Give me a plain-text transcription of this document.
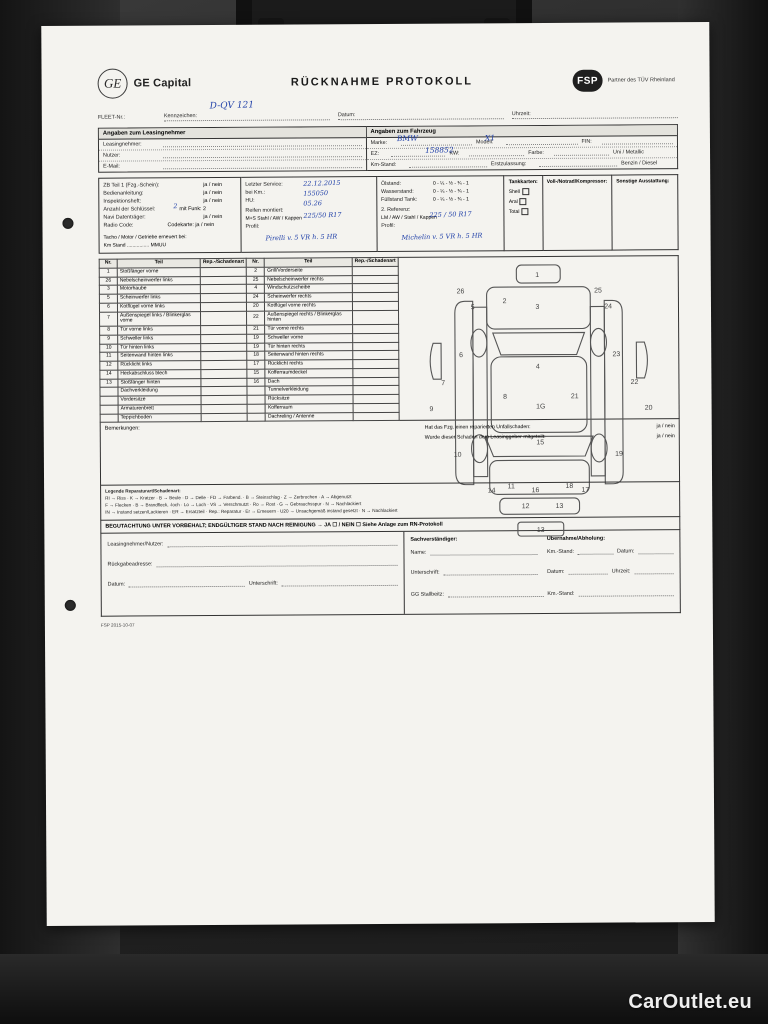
GE	GE Capital	RÜCKNAHME PROTOKOLL	FSP	Partner des TÜV Rheinland
FLEET-Nr.:	Kennzeichen:
D-QV 121
Datum:	Uhrzeit:
Angaben zum Leasingnehmer
Leasingnehmer:
Nutzer:
E-Mail:
Angaben zum Fahrzeug
Marke:	Modell:	FIN:
BMW	X1
EZ:	KW:	Farbe:	Uni / Metallic
158852
Km-Stand:	Erstzulassung:	Benzin / Diesel
ZB Teil 1 (Fzg.-Schein):	ja / nein
Bedienanleitung:	ja / nein
Inspektionsheft:	ja / nein
Anzahl der Schlüssel:	mit Funk: 2
2
Navi Datenträger:	ja / nein
Radio Code:	Codekarte: ja / nein
Tacho / Motor / Getriebe erneuert bei:
Km Stand ................ MMUU
Letzter Service:
bei Km.:
HU:
Reifen montiert:
M+S Stahl / AW / Kappen
Profil:
22.12.2015
155050
05.26
225/50 R17
Pirelli v. 5 VR h. 5 HR
Ölstand:	0 - ¼ - ½ - ¾ - 1
Wasserstand:	0 - ¼ - ½ - ¾ - 1
Füllstand Tank:	0 - ¼ - ½ - ¾ - 1
2. Referenz:
LM / AW / Stahl / Kappen
Profil:
225 / 50 R17
Michelin v. 5 VR h. 5 HR
Tankkarten:
Shell
Aral
Total
Voll-/Notrad/Kompressor: Sonstige Ausstattung:
Nr.	Teil	Rep.-/Schadenart	Nr.	Teil	Rep.-/Schadenart
1	Stoßfänger vorne		2	Grill/Vorderseite	
26	Nebelscheinwerfer links		25	Nebelscheinwerfer rechts	
3	Motorhaube		4	Windschutzscheibe	
5	Scheinwerfer links		24	Scheinwerfer rechts	
6	Kotflügel vorne links		20	Kotflügel vorne rechts	
7	Außenspiegel links / Blinkerglas vorne		22	Außenspiegel rechts / Blinkerglas hinten	
8	Tür vorne links		21	Tür vorne rechts	
9	Schweller links		19	Schweller vorne	
10	Tür hinten links		19	Tür hinten rechts	
11	Seitenwand hinten links		18	Seitenwand hinten rechts	
12	Rücklicht links		17	Rücklicht rechts	
14	Heckabschluss blech		15	Kofferraumdeckel	
13	Stoßfänger hinten		16	Dach	
	Dachverkleidung			Tunnelverkleidung	
	Vordersitze			Rücksitze	
	Armaturenbrett			Kofferraum	
	Teppichboden			Dachreling / Antenne	
1
2
3
4
8	21
1G
15
11	18
12	13
13
26	25
5	24
6	23
7	22
9	20
10	19
14	17
16
Bemerkungen:	Hat das Fzg. einen reparierten Unfallschaden:	ja / nein
Wurde dieser Schaden dem Leasinggeber mitgeteilt:	ja / nein
Legende Reparaturart/Schadenart:
RI → Riss · K → Kratzer · B → Beule · D → Delle · FD → Farbend. · B → Steinschlag · Z → Zerbrochen · A → Abgenutzt
F → Flecken · B → Brandfleck, -loch · Lo → Loch · VS → Verschmutzt · Ro → Rost · G → Gebrauchsspur · N → Nachlackiert
IN → Instand setzen/Lackieren · ER → Ersatzteil · Rep.: Reparatur · Er → Erneuern · U20 → Unsachgemäß instand gesetzt · N → Nachlackiert
BEGUTACHTUNG UNTER VORBEHALT; ENDGÜLTIGER STAND NACH REINIGUNG → JA ☐ / NEIN ☐ Siehe Anlage zum RN-Protokoll
Leasingnehmer/Nutzer:
Rückgabeadresse:
Datum:	Unterschrift:
Sachverständiger:
Name:
Unterschrift:
Übernahme/Abholung:
Km.-Stand:	Datum:
Datum:	Uhrzeit:
GG Stallbeitz:	Km.-Stand:
FSP 2015-10-07
CarOutlet.eu
